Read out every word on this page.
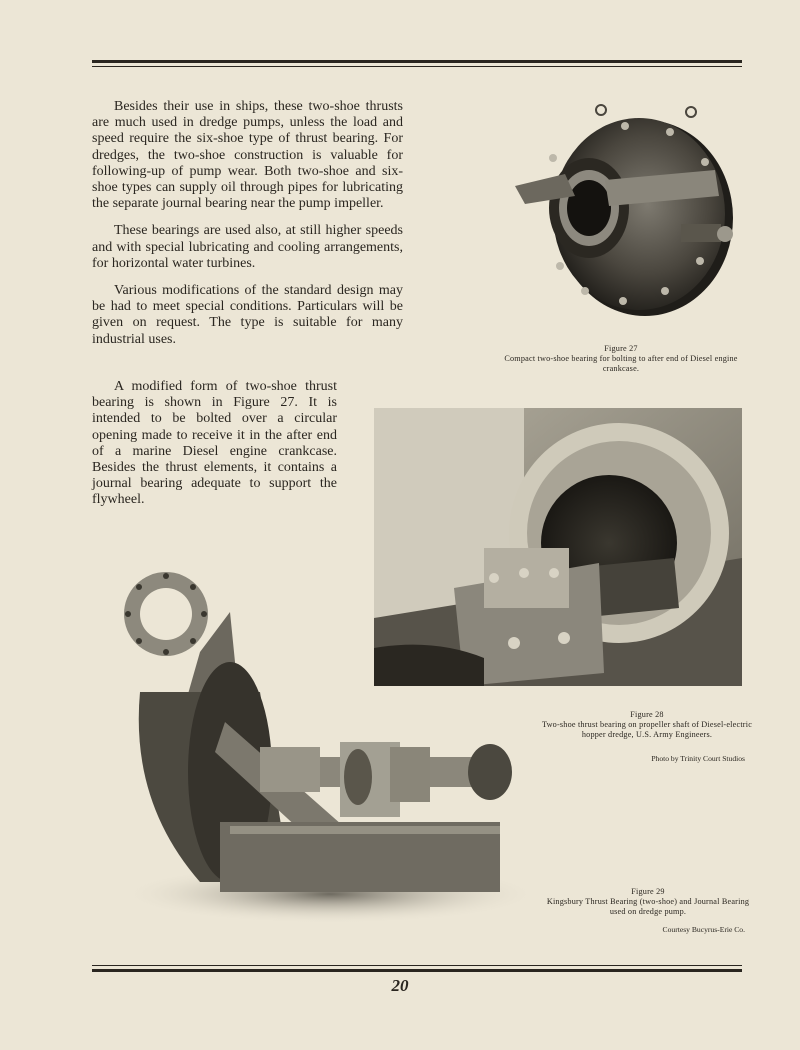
Besides their use in ships, these two-shoe thrusts are much used in dredge pumps, unless the load and speed require the six-shoe type of thrust bearing. For dredges, the two-shoe construction is valuable for following-up of pump wear. Both two-shoe and six-shoe types can supply oil through pipes for lubricating the separate journal bearing near the pump impeller.

These bearings are used also, at still higher speeds and with special lubricating and cooling arrangements, for horizontal water turbines.

Various modifications of the standard design may be had to meet special conditions. Particulars will be given on request. The type is suitable for many industrial uses.

A modified form of two-shoe thrust bearing is shown in Figure 27. It is intended to be bolted over a circular opening made to receive it in the after end of a marine Diesel engine crankcase. Besides the thrust elements, it contains a journal bearing adequate to support the flywheel.

Figure 27
Compact two-shoe bearing for bolting to after end of Diesel engine crankcase.
Figure 28
Two-shoe thrust bearing on propeller shaft of Diesel-electric hopper dredge, U.S. Army Engineers.
Photo by Trinity Court Studios
Figure 29
Kingsbury Thrust Bearing (two-shoe) and Journal Bearing used on dredge pump.
Courtesy Bucyrus-Erie Co.
20
